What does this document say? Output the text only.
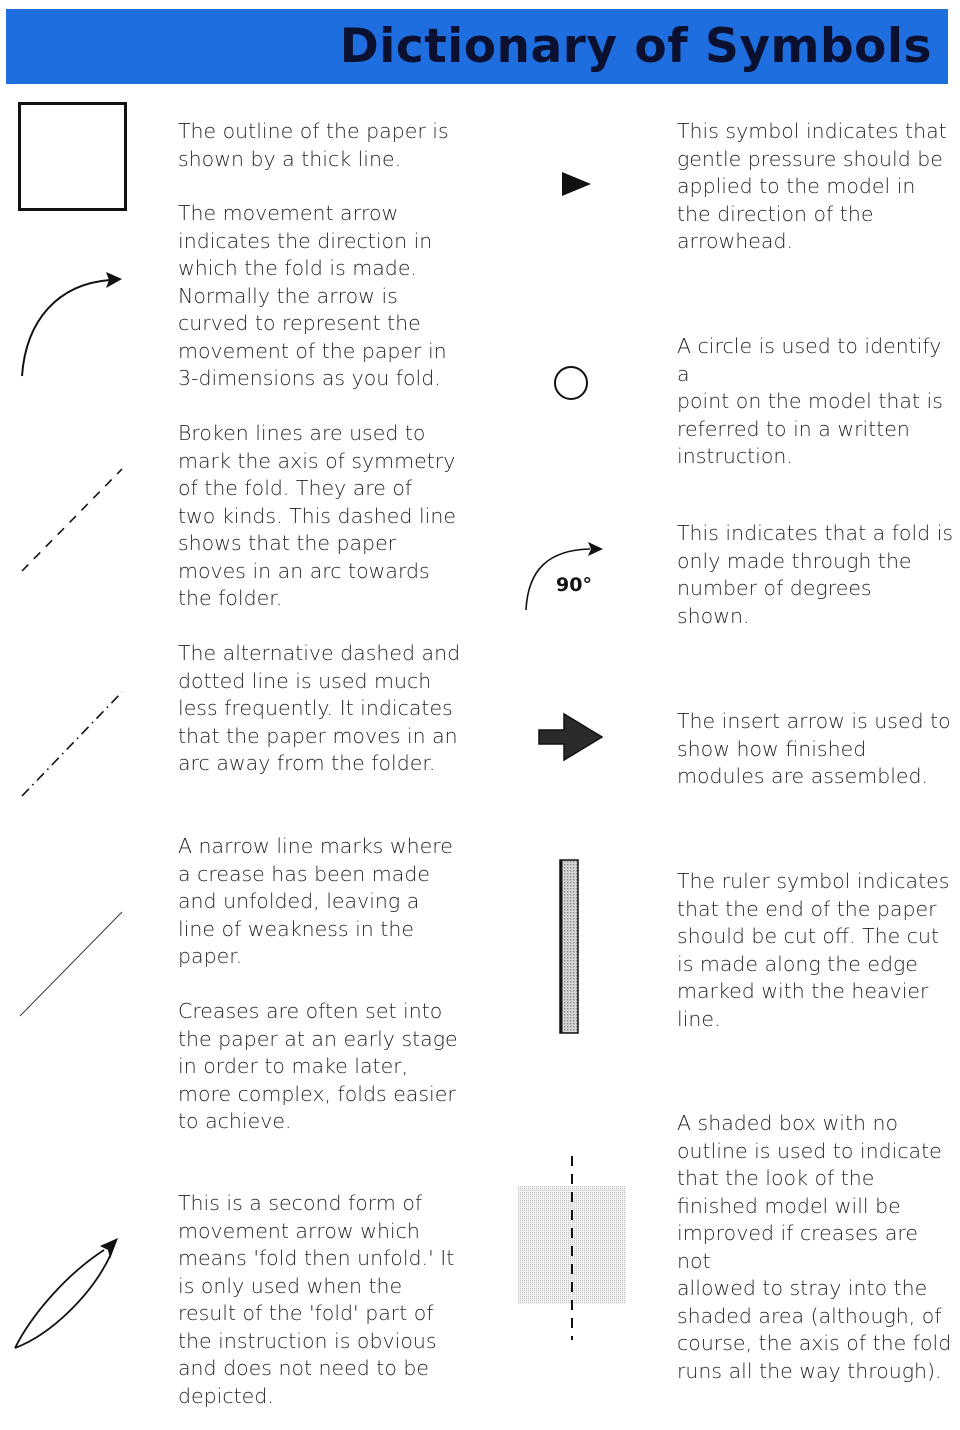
Dictionary of Symbols

The outline of the paper is
shown by a thick line.

The movement arrow
indicates the direction in
which the fold is made.
Normally the arrow is
curved to represent the
movement of the paper in
3-dimensions as you fold.

Broken lines are used to
mark the axis of symmetry
of the fold. They are of
two kinds. This dashed line
shows that the paper
moves in an arc towards
the folder.

The alternative dashed and
dotted line is used much
less frequently. It indicates
that the paper moves in an
arc away from the folder.

A narrow line marks where
a crease has been made
and unfolded, leaving a
line of weakness in the
paper.

Creases are often set into
the paper at an early stage
in order to make later,
more complex, folds easier
to achieve.

This is a second form of
movement arrow which
means 'fold then unfold.' It
is only used when the
result of the 'fold' part of
the instruction is obvious
and does not need to be
depicted.

90°

This symbol indicates that
gentle pressure should be
applied to the model in
the direction of the
arrowhead.

A circle is used to identify a
point on the model that is
referred to in a written
instruction.

This indicates that a fold is
only made through the
number of degrees
shown.

The insert arrow is used to
show how finished
modules are assembled.

The ruler symbol indicates
that the end of the paper
should be cut off. The cut
is made along the edge
marked with the heavier
line.

A shaded box with no
outline is used to indicate
that the look of the
finished model will be
improved if creases are not
allowed to stray into the
shaded area (although, of
course, the axis of the fold
runs all the way through).
